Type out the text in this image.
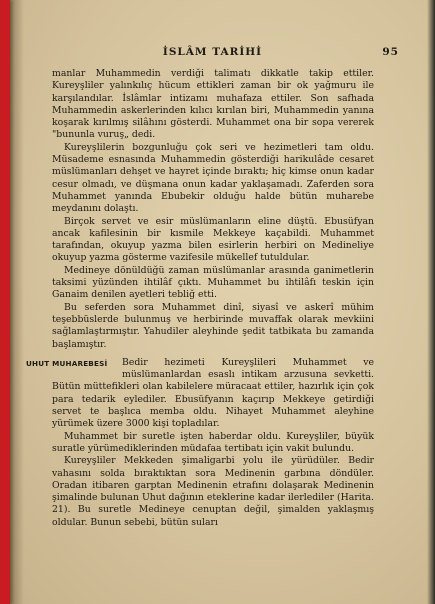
İSLÂM TARİHİ	95

manlar Muhammedin verdiği talimatı dikkatle takip ettiler. Kureyşliler yalınkılıç hücum ettikleri zaman bir ok yağmuru ile karşılandılar. İslâmlar intizamı muhafaza ettiler. Son safhada Muhammedin askerlerinden kılıcı kırılan biri, Muhammedin yanına koşarak kırılmış silâhını gösterdi. Muhammet ona bir sopa vererek "bununla vuruş„ dedi.

Kureyşlilerin bozgunluğu çok seri ve hezimetleri tam oldu. Müsademe esnasında Muhammedin gösterdiği harikulâde cesaret müslümanları dehşet ve hayret içinde bıraktı; hiç kimse onun kadar cesur olmadı, ve düşmana onun kadar yaklaşamadı. Zaferden sora Muhammet yanında Ebubekir olduğu halde bütün muharebe meydanını dolaştı.

Birçok servet ve esir müslümanların eline düştü. Ebusüfyan ancak kafilesinin bir kısmile Mekkeye kaçabildi. Muhammet tarafından, okuyup yazma bilen esirlerin herbiri on Medineliye okuyup yazma gösterme vazifesile mükellef tutuldular.

Medineye dönüldüğü zaman müslümanlar arasında ganimetlerin taksimi yüzünden ihtilâf çıktı. Muhammet bu ihtilâfı teskin için Ganaim denilen ayetleri tebliğ etti.

Bu seferden sora Muhammet dinî, siyasî ve askerî mühim teşebbüslerde bulunmuş ve herbirinde muvaffak olarak mevkiini sağlamlaştırmıştır. Yahudiler aleyhinde şedit tatbikata bu zamanda başlamıştır.

UHUT MUHAREBESİ	Bedir hezimeti Kureyşlileri Muhammet ve müslümanlardan esaslı intikam arzusuna sevketti. Bütün müttefikleri olan kabilelere müracaat ettiler, hazırlık için çok para tedarik eylediler. Ebusüfyanın kaçırıp Mekkeye getirdiği servet te başlıca memba oldu. Nihayet Muhammet aleyhine yürümek üzere 3000 kişi topladılar.

Muhammet bir suretle işten haberdar oldu. Kureyşliler, büyük suratle yürümediklerinden müdafaa tertibatı için vakit bulundu.

Kureyşliler Mekkeden şimaligarbi yolu ile yürüdüler. Bedir vahasını solda bıraktıktan sora Medinenin garbına döndüler. Oradan itibaren garptan Medinenin etrafını dolaşarak Medinenin şimalinde bulunan Uhut dağının eteklerine kadar ilerlediler (Harita. 21). Bu suretle Medineye cenuptan değil, şimalden yaklaşmış oldular. Bunun sebebi, bütün suları
